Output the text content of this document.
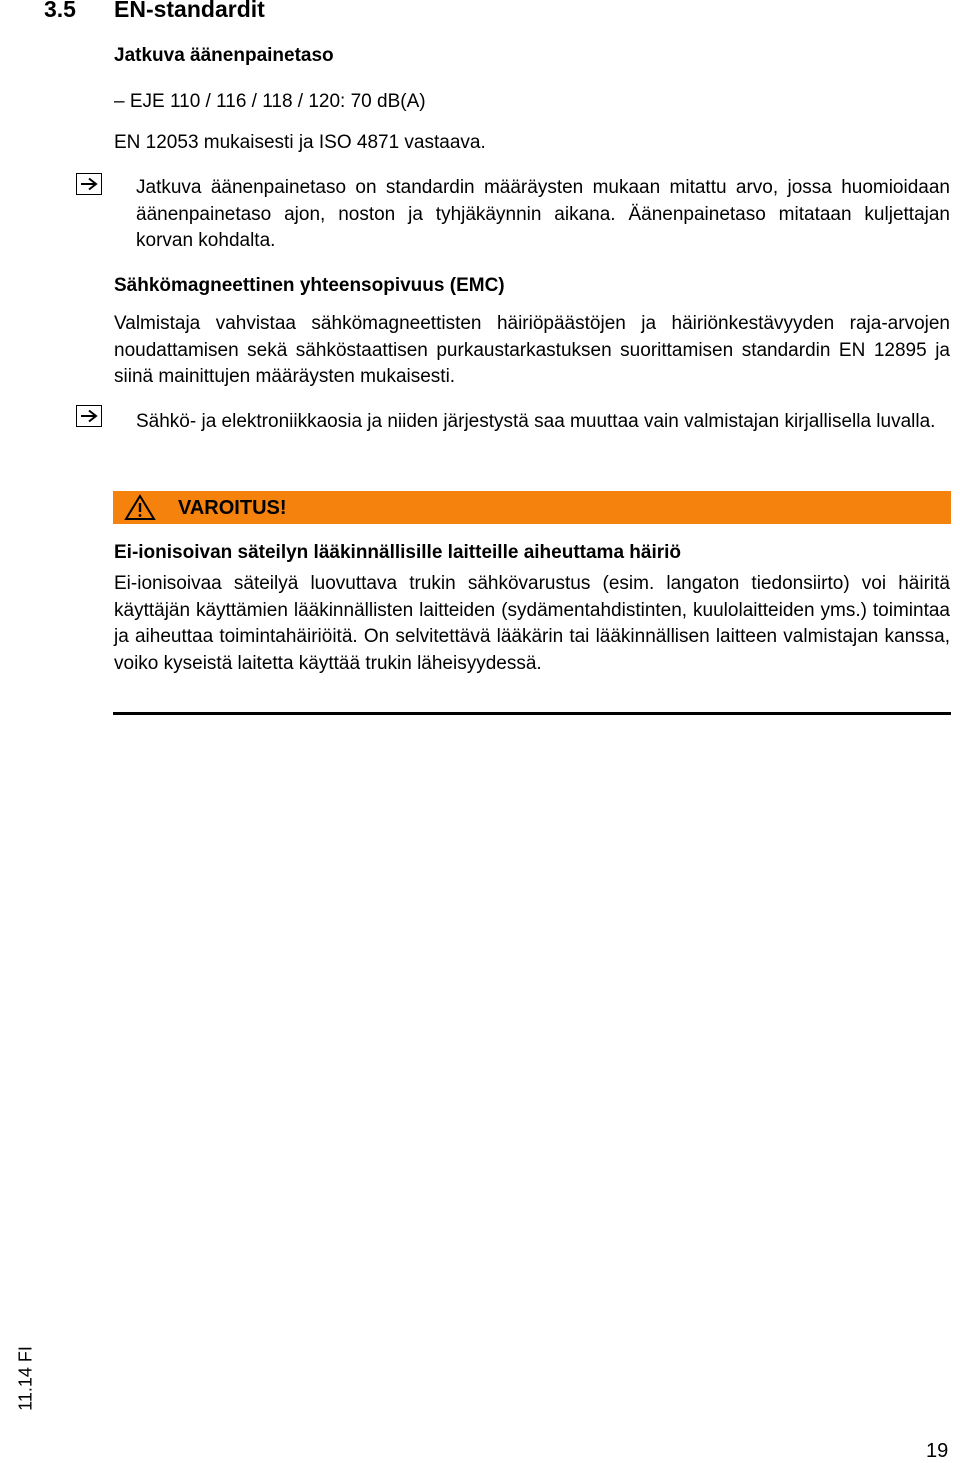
3.5 EN-standardit
Jatkuva äänenpainetaso
– EJE 110 / 116 / 118 / 120: 70 dB(A)
EN 12053 mukaisesti ja ISO 4871 vastaava.
Jatkuva äänenpainetaso on standardin määräysten mukaan mitattu arvo, jossa huomioidaan äänenpainetaso ajon, noston ja tyhjäkäynnin aikana. Äänenpainetaso mitataan kuljettajan korvan kohdalta.
Sähkömagneettinen yhteensopivuus (EMC)
Valmistaja vahvistaa sähkömagneettisten häiriöpäästöjen ja häiriönkestävyyden raja-arvojen noudattamisen sekä sähköstaattisen purkaustarkastuksen suorittamisen standardin EN 12895 ja siinä mainittujen määräysten mukaisesti.
Sähkö- ja elektroniikkaosia ja niiden järjestystä saa muuttaa vain valmistajan kirjallisella luvalla.
VAROITUS!
Ei-ionisoivan säteilyn lääkinnällisille laitteille aiheuttama häiriö
Ei-ionisoivaa säteilyä luovuttava trukin sähkövarustus (esim. langaton tiedonsiirto) voi häiritä käyttäjän käyttämien lääkinnällisten laitteiden (sydämentahdistinten, kuulolaitteiden yms.) toimintaa ja aiheuttaa toimintahäiriöitä. On selvitettävä lääkärin tai lääkinnällisen laitteen valmistajan kanssa, voiko kyseistä laitetta käyttää trukin läheisyydessä.
11.14 FI
19
